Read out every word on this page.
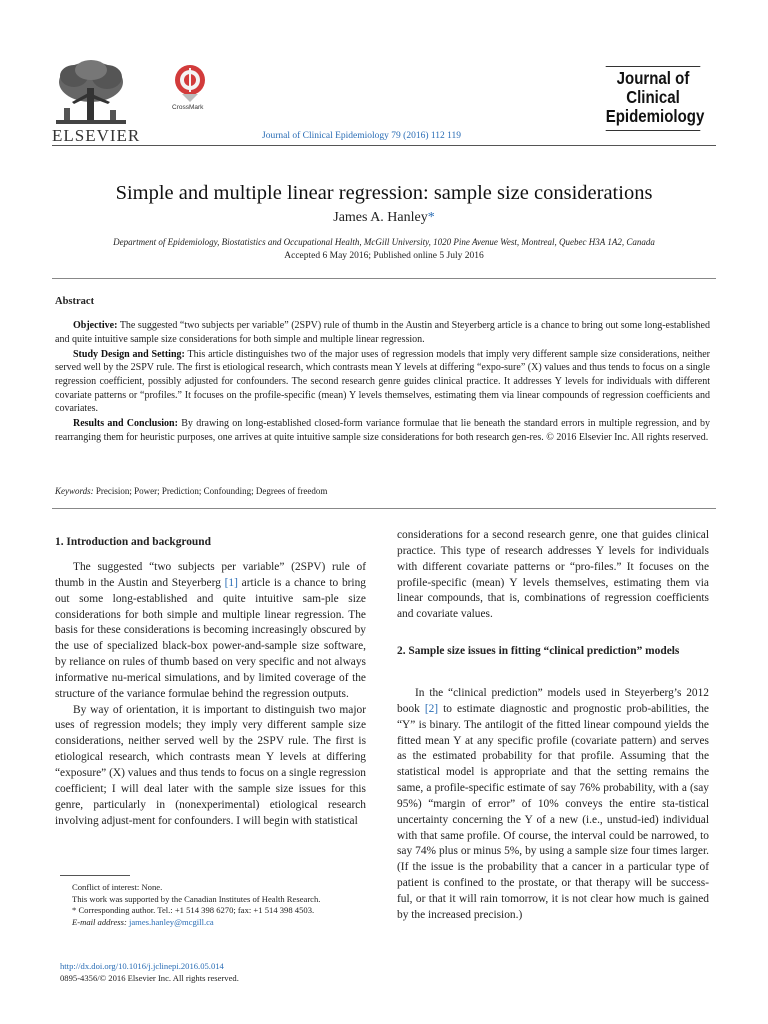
ELSEVIER
CrossMark
Journal of Clinical Epidemiology 79 (2016) 112 119
Journal of
Clinical
Epidemiology
Simple and multiple linear regression: sample size considerations
James A. Hanley*
Department of Epidemiology, Biostatistics and Occupational Health, McGill University, 1020 Pine Avenue West, Montreal, Quebec H3A 1A2, Canada
Accepted 6 May 2016; Published online 5 July 2016
Abstract

Objective: The suggested “two subjects per variable” (2SPV) rule of thumb in the Austin and Steyerberg article is a chance to bring out some long-established and quite intuitive sample size considerations for both simple and multiple linear regression.

Study Design and Setting: This article distinguishes two of the major uses of regression models that imply very different sample size considerations, neither served well by the 2SPV rule. The first is etiological research, which contrasts mean Y levels at differing “expo-sure” (X) values and thus tends to focus on a single regression coefficient, possibly adjusted for confounders. The second research genre guides clinical practice. It addresses Y levels for individuals with different covariate patterns or “profiles.” It focuses on the profile-specific (mean) Y levels themselves, estimating them via linear compounds of regression coefficients and covariates.

Results and Conclusion: By drawing on long-established closed-form variance formulae that lie beneath the standard errors in multiple regression, and by rearranging them for heuristic purposes, one arrives at quite intuitive sample size considerations for both research gen-res. © 2016 Elsevier Inc. All rights reserved.

Keywords: Precision; Power; Prediction; Confounding; Degrees of freedom
1. Introduction and background

The suggested “two subjects per variable” (2SPV) rule of thumb in the Austin and Steyerberg [1] article is a chance to bring out some long-established and quite intuitive sam-ple size considerations for both simple and multiple linear regression. The basis for these considerations is becoming increasingly obscured by the use of specialized black-box power-and-sample size software, by reliance on rules of thumb based on very specific and not always informative nu-merical simulations, and by limited coverage of the structure of the variance formulae behind the regression outputs.

By way of orientation, it is important to distinguish two major uses of regression models; they imply very different sample size considerations, neither served well by the 2SPV rule. The first is etiological research, which contrasts mean Y levels at differing “exposure” (X) values and thus tends to focus on a single regression coefficient; I will deal later with the sample size issues for this genre, particularly in (nonexperimental) etiological research involving adjust-ment for confounders. I will begin with statistical

Conflict of interest: None.

This work was supported by the Canadian Institutes of Health Research.

* Corresponding author. Tel.: +1 514 398 6270; fax: +1 514 398 4503.

E-mail address: james.hanley@mcgill.ca

http://dx.doi.org/10.1016/j.jclinepi.2016.05.014
0895-4356/© 2016 Elsevier Inc. All rights reserved.

considerations for a second research genre, one that guides clinical practice. This type of research addresses Y levels for individuals with different covariate patterns or “pro-files.” It focuses on the profile-specific (mean) Y levels themselves, estimating them via linear compounds, that is, combinations of regression coefficients and covariate values.

2. Sample size issues in fitting “clinical prediction” models

In the “clinical prediction” models used in Steyerberg’s 2012 book [2] to estimate diagnostic and prognostic prob-abilities, the “Y” is binary. The antilogit of the fitted linear compound yields the fitted mean Y at any specific profile (covariate pattern) and serves as the estimated probability for that profile. Assuming that the statistical model is appropriate and that the setting remains the same, a profile-specific estimate of say 76% probability, with a (say 95%) “margin of error” of 10% conveys the entire sta-tistical uncertainty concerning the Y of a new (i.e., unstud-ied) individual with that same profile. Of course, the interval could be narrowed, to say 74% plus or minus 5%, by using a sample size four times larger. (If the issue is the probability that a cancer in a particular type of patient is confined to the prostate, or that therapy will be success-ful, or that it will rain tomorrow, it is not clear how much is gained by the increased precision.)
